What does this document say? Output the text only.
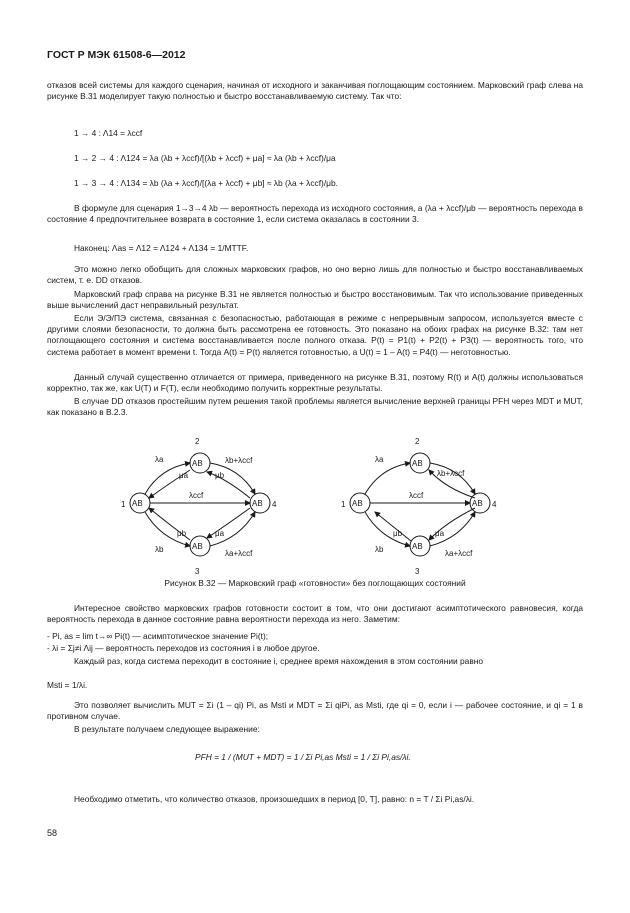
ГОСТ Р МЭК 61508-6—2012
отказов всей системы для каждого сценария, начиная от исходного и заканчивая поглощающим состоянием. Марковский граф слева на рисунке В.31 моделирует такую полностью и быстро восстанавливаемую систему. Так что:
1 → 4 : Λ14 = λccf
1 → 2 → 4 : Λ124 = λa (λb + λccf)/[(λb + λccf) + μa] ≈ λa (λb + λccf)/μa
1 → 3 → 4 : Λ134 = λb (λa + λccf)/[(λa + λccf) + μb] ≈ λb (λa + λccf)/μb.
В формуле для сценария 1→3→4 λb — вероятность перехода из исходного состояния, а (λa + λccf)/μb — вероятность перехода в состояние 4 предпочтительнее возврата в состояние 1, если система оказалась в состоянии 3.
Наконец: Λas = Λ12 = Λ124 + Λ134 = 1/MTTF.
Это можно легко обобщить для сложных марковских графов, но оно верно лишь для полностью и быстро восстанавливаемых систем, т. е. DD отказов.
Марковский граф справа на рисунке В.31 не является полностью и быстро восстановимым. Так что использование приведенных выше вычислений даст неправильный результат.
Если Э/Э/ПЭ система, связанная с безопасностью, работающая в режиме с непрерывным запросом, используется вместе с другими слоями безопасности, то должна быть рассмотрена ее готовность. Это показано на обоих графах на рисунке В.32: там нет поглощающего состояния и система восстанавливается после полного отказа. P(t) = P1(t) + P2(t) + P3(t) — вероятность того, что система работает в момент времени t. Тогда A(t) = P(t) является готовностью, а U(t) = 1 – A(t) = P4(t) — неготовностью.
Данный случай существенно отличается от примера, приведенного на рисунке В.31, поэтому R(t) и A(t) должны использоваться корректно, так же, как U(T) и F(T), если необходимо получить корректные результаты.
В случае DD отказов простейшим путем решения такой проблемы является вычисление верхней границы PFH через MDT и MUT, как показано в В.2.3.
2
3
1	4
AB
AB
AB	AB
λa	λb+λccf
μa	μb
λccf
μb	μa
λb	λa+λccf
2
3
1	4
AB
AB
AB	AB
λa
λb+λccf
λccf
μb	μa
λb	λa+λccf
Рисунок В.32 — Марковский граф «готовности» без поглощающих состояний
Интересное свойство марковских графов готовности состоит в том, что они достигают асимптотического равновесия, когда вероятность перехода в данное состояние равна вероятности перехода из него. Заметим:
- Pi, as = lim t→∞ Pi(t) — асимптотическое значение Pi(t);
- λi = Σj≠i Λij — вероятность переходов из состояния i в любое другое.
Каждый раз, когда система переходит в состояние i, среднее время нахождения в этом состоянии равно
Msti = 1/λi.
Это позволяет вычислить MUT = Σi (1 – qi) Pi, as Msti и MDT = Σi qiPi, as Msti, где qi = 0, если i — рабочее состояние, и qi = 1 в противном случае.
В результате получаем следующее выражение:
PFH = 1 / (MUT + MDT) = 1 / Σi Pi,as Msti = 1 / Σi Pi,as/λi.
Необходимо отметить, что количество отказов, произошедших в период [0, T], равно: n = T / Σi Pi,as/λi.
58
